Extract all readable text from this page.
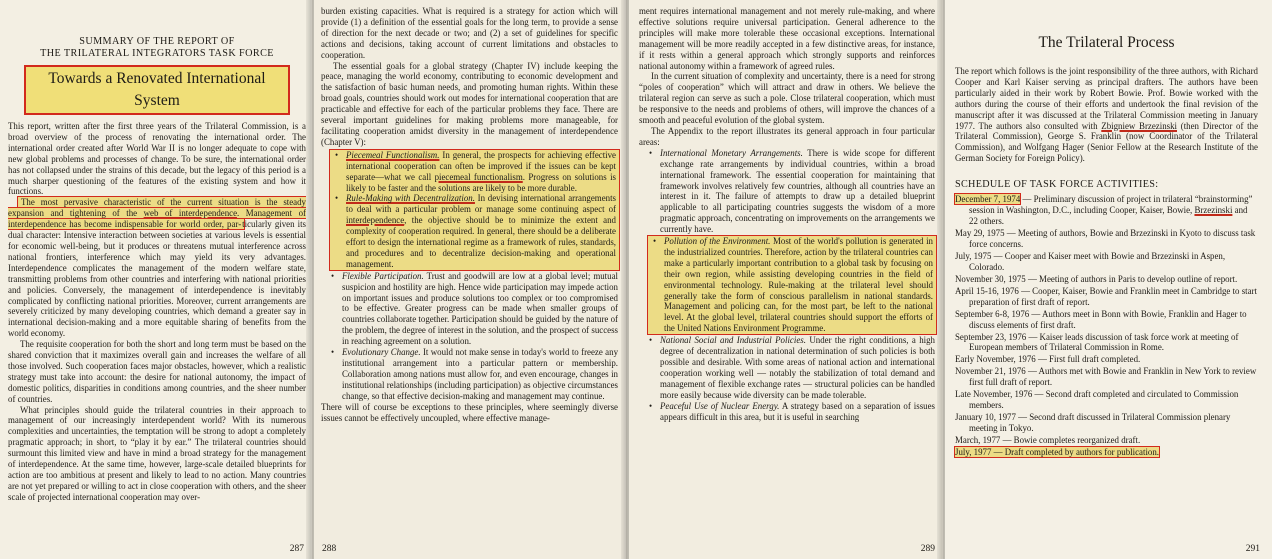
SUMMARY OF THE REPORT OF
THE TRILATERAL INTEGRATORS TASK FORCE
Towards a Renovated International System

This report, written after the first three years of the Trilateral Commission, is a broad overview of the process of renovating the international order. The international order created after World War II is no longer adequate to cope with new global problems and processes of change. To be sure, the international order has not collapsed under the strains of this decade, but the legacy of this period is a much sharper questioning of the features of the existing system and how it functions.

The most pervasive characteristic of the current situation is the steady expansion and tightening of the web of interdependence. Management of interdependence has become indispensable for world order, par-ticularly given its dual character: Intensive interaction between societies at various levels is essential for economic well-being, but it produces or threatens mutual interference across national frontiers, interference which may yield its very advantages. Interdependence complicates the management of the modern welfare state, transmitting problems from other countries and interfering with national priorities and policies. Conversely, the management of interdependence is inevitably complicated by conflicting national priorities. Moreover, current arrangements are severely criticized by many developing countries, which demand a greater say in international decision-making and a more equitable sharing of benefits from the world economy.

The requisite cooperation for both the short and long term must be based on the shared conviction that it maximizes overall gain and increases the welfare of all those involved. Such cooperation faces major obstacles, however, which a realistic strategy must take into account: the desire for national autonomy, the impact of domestic politics, disparities in conditions among countries, and the sheer number of countries.

What principles should guide the trilateral countries in their approach to management of our increasingly interdependent world? With its numerous complexities and uncertainties, the temptation will be strong to adopt a completely pragmatic approach; in short, to “play it by ear.” The trilateral countries should surmount this limited view and have in mind a broad strategy for the management of interdependence. At the same time, however, large-scale detailed blueprints for action are too ambitious at present and likely to lead to no action. Many countries are not yet prepared or willing to act in close cooperation with others, and the sheer scale of projected international cooperation may over-

287

burden existing capacities. What is required is a strategy for action which will provide (1) a definition of the essential goals for the long term, to provide a sense of direction for the next decade or two; and (2) a set of guidelines for specific actions and decisions, taking account of current limitations and obstacles to cooperation.

The essential goals for a global strategy (Chapter IV) include keeping the peace, managing the world economy, contributing to economic development and the satisfaction of basic human needs, and promoting human rights. Within these broad goals, countries should work out modes for international cooperation that are practicable and effective for each of the particular problems they face. There are several important guidelines for making problems more manageable, for facilitating cooperation amidst diversity in the management of interdependence (Chapter V):

• Piecemeal Functionalism. In general, the prospects for achieving effective international cooperation can often be improved if the issues can be kept separate—what we call piecemeal functionalism. Progress on solutions is likely to be faster and the solutions are likely to be more durable.
• Rule-Making with Decentralization. In devising international arrangements to deal with a particular problem or manage some continuing aspect of interdependence, the objective should be to minimize the extent and complexity of cooperation required. In general, there should be a deliberate effort to design the international regime as a framework of rules, standards, and procedures and to decentralize decision-making and operational management.
• Flexible Participation. Trust and goodwill are low at a global level; mutual suspicion and hostility are high. Hence wide participation may impede action on important issues and produce solutions too complex or too compromised to be effective. Greater progress can be made when smaller groups of countries collaborate together. Participation should be guided by the nature of the problem, the degree of interest in the solution, and the prospect of success in reaching agreement on a solution.
• Evolutionary Change. It would not make sense in today's world to freeze any institutional arrangement into a particular pattern or membership. Collaboration among nations must allow for, and even encourage, changes in institutional relationships (including participation) as objective circumstances change, so that effective decision-making and management may continue.

There will of course be exceptions to these principles, where seemingly diverse issues cannot be effectively uncoupled, where effective manage-

288

ment requires international management and not merely rule-making, and where effective solutions require universal participation. General adherence to the principles will make more tolerable these occasional exceptions. International management will be more readily accepted in a few distinctive areas, for instance, if it rests within a general approach which strongly supports and reinforces national autonomy within a framework of agreed rules.

In the current situation of complexity and uncertainty, there is a need for strong “poles of cooperation” which will attract and draw in others. We believe the trilateral region can serve as such a pole. Close trilateral cooperation, which must be responsive to the needs and problems of others, will improve the chances of a smooth and peaceful evolution of the global system.

The Appendix to the report illustrates its general approach in four particular areas:

• International Monetary Arrangements. There is wide scope for different exchange rate arrangements by individual countries, within a broad international framework. The essential cooperation for maintaining that framework involves relatively few countries, although all countries have an interest in it. The failure of attempts to draw up a detailed blueprint applicable to all participating countries suggests the wisdom of a more pragmatic approach, concentrating on improvements on the arrangements we currently have.
• Pollution of the Environment. Most of the world's pollution is generated in the industrialized countries. Therefore, action by the trilateral countries can make a particularly important contribution to a global task by focusing on their own region, while assisting developing countries in the field of environmental technology. Rule-making at the trilateral level should generally take the form of conscious parallelism in national standards. Management and policing can, for the most part, be left to the national level. At the global level, trilateral countries should support the efforts of the United Nations Environment Programme.
• National Social and Industrial Policies. Under the right conditions, a high degree of decentralization in national determination of such policies is both possible and desirable. With some areas of national action and international cooperation working well — notably the stabilization of total demand and management of flexible exchange rates — structural policies can be handled more easily because wide diversity can be made tolerable.
• Peaceful Use of Nuclear Energy. A strategy based on a separation of issues appears difficult in this area, but it is useful in searching
289
The Trilateral Process

The report which follows is the joint responsibility of the three authors, with Richard Cooper and Karl Kaiser serving as principal drafters. The authors have been particularly aided in their work by Robert Bowie. Prof. Bowie worked with the authors during the course of their efforts and undertook the final revision of the manuscript after it was discussed at the Trilateral Commission meeting in January 1977. The authors also consulted with Zbigniew Brzezinski (then Director of the Trilateral Commission), George S. Franklin (now Coordinator of the Trilateral Commission), and Wolfgang Hager (Senior Fellow at the Research Institute of the German Society for Foreign Policy).

SCHEDULE OF TASK FORCE ACTIVITIES:
December 7, 1974 — Preliminary discussion of project in trilateral “brainstorming” session in Washington, D.C., including Cooper, Kaiser, Bowie, Brzezinski and 22 others.
May 29, 1975 — Meeting of authors, Bowie and Brzezinski in Kyoto to discuss task force concerns.
July, 1975 — Cooper and Kaiser meet with Bowie and Brzezinski in Aspen, Colorado.
November 30, 1975 — Meeting of authors in Paris to develop outline of report.
April 15-16, 1976 — Cooper, Kaiser, Bowie and Franklin meet in Cambridge to start preparation of first draft of report.
September 6-8, 1976 — Authors meet in Bonn with Bowie, Franklin and Hager to discuss elements of first draft.
September 23, 1976 — Kaiser leads discussion of task force work at meeting of European members of Trilateral Commission in Rome.
Early November, 1976 — First full draft completed.
November 21, 1976 — Authors met with Bowie and Franklin in New York to review first full draft of report.
Late November, 1976 — Second draft completed and circulated to Commission members.
January 10, 1977 — Second draft discussed in Trilateral Commission plenary meeting in Tokyo.
March, 1977 — Bowie completes reorganized draft.
July, 1977 — Draft completed by authors for publication.
291
